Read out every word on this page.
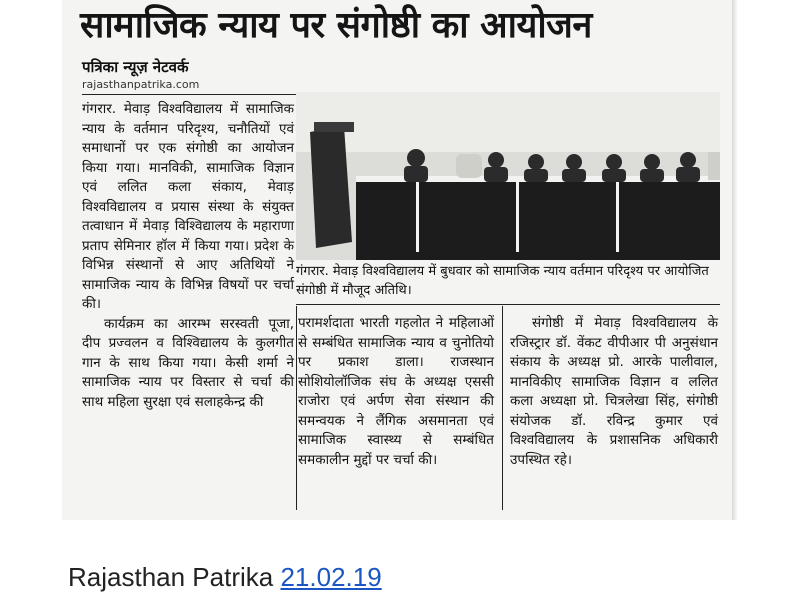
सामाजिक न्याय पर संगोष्ठी का आयोजन
पत्रिका न्यूज़ नेटवर्क
rajasthanpatrika.com

गंगरार. मेवाड़ विश्वविद्यालय में सामाजिक न्याय के वर्तमान परिदृश्य, चनौतियों एवं समाधानों पर एक संगोष्ठी का आयोजन किया गया। मानविकी, सामाजिक विज्ञान एवं ललित कला संकाय, मेवाड़ विश्वविद्यालय व प्रयास संस्था के संयुक्त तत्वाधान में मेवाड़ विश्विद्यालय के महाराणा प्रताप सेमिनार हॉल में किया गया। प्रदेश के विभिन्न संस्थानों से आए अतिथियों ने सामाजिक न्याय के विभिन्न विषयों पर चर्चा की।

कार्यक्रम का आरम्भ सरस्वती पूजा, दीप प्रज्वलन व विश्विद्यालय के कुलगीत गान के साथ किया गया। केसी शर्मा ने सामाजिक न्याय पर विस्तार से चर्चा की साथ महिला सुरक्षा एवं सलाहकेन्द्र की

गंगरार. मेवाड़ विश्वविद्यालय में बुधवार को सामाजिक न्याय वर्तमान परिदृश्य पर आयोजित संगोष्ठी में मौजूद अतिथि।

परामर्शदाता भारती गहलोत ने महिलाओं से सम्बंधित सामाजिक न्याय व चुनोतियो पर प्रकाश डाला। राजस्थान सोशियोलॉजिक संघ के अध्यक्ष एससी राजोरा एवं अर्पण सेवा संस्थान की समन्वयक ने लैंगिक असमानता एवं सामाजिक स्वास्थ्य से सम्बंधित समकालीन मुद्दों पर चर्चा की।

संगोष्ठी में मेवाड़ विश्वविद्यालय के रजिस्ट्रार डॉ. वेंकट वीपीआर पी अनुसंधान संकाय के अध्यक्ष प्रो. आरके पालीवाल, मानविकीए सामाजिक विज्ञान व ललित कला अध्यक्षा प्रो. चित्रलेखा सिंह, संगोष्ठी संयोजक डॉ. रविन्द्र कुमार एवं विश्वविद्यालय के प्रशासनिक अधिकारी उपस्थित रहे।

Rajasthan Patrika 21.02.19
